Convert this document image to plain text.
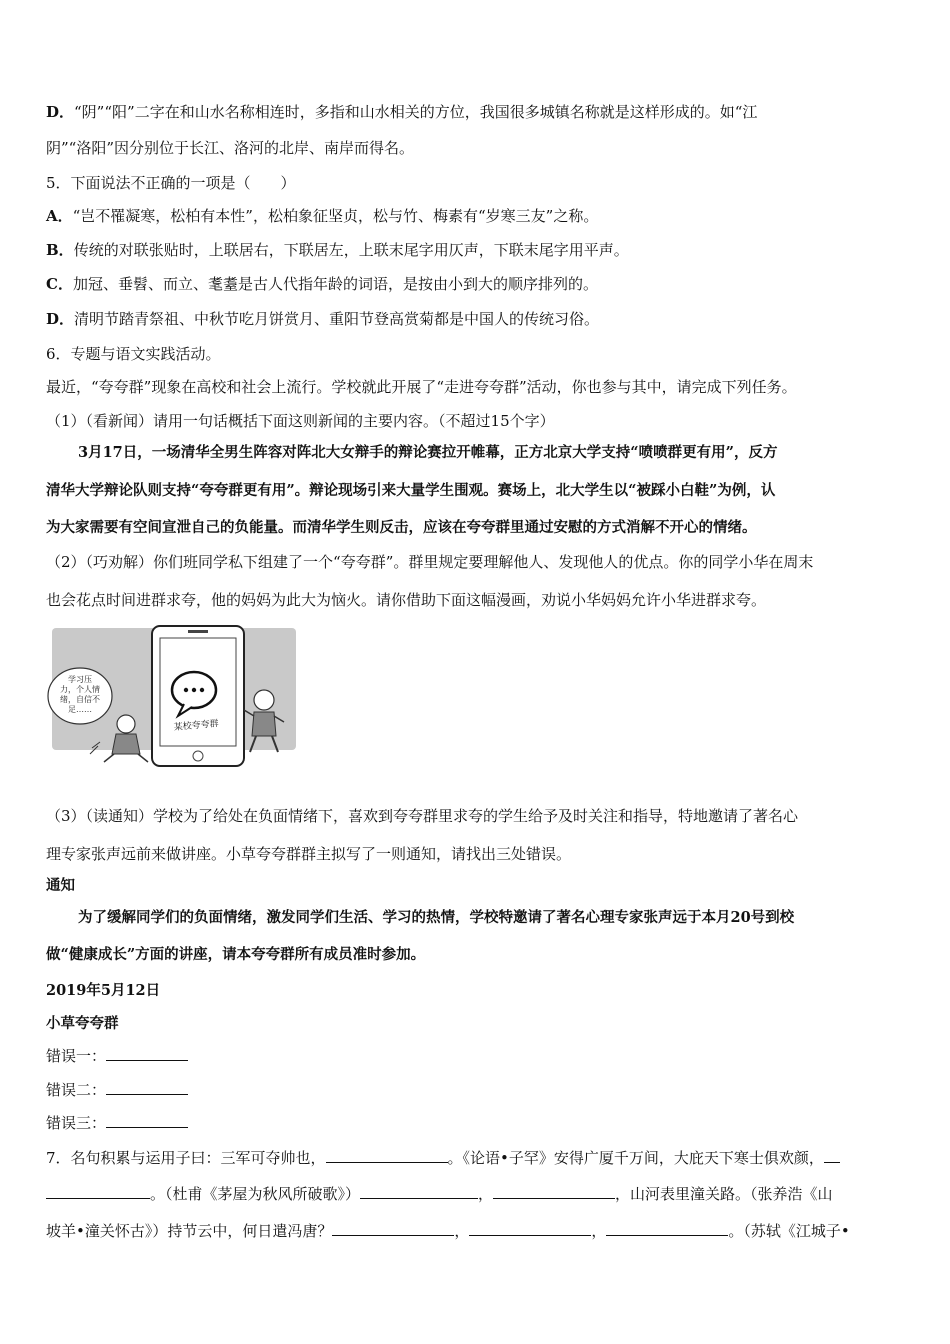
D．“阴”“阳”二字在和山水名称相连时，多指和山水相关的方位，我国很多城镇名称就是这样形成的。如“江
阴”“洛阳”因分别位于长江、洛河的北岸、南岸而得名。
5．下面说法不正确的一项是（　　）
A．“岂不罹凝寒，松柏有本性”，松柏象征坚贞，松与竹、梅素有“岁寒三友”之称。
B．传统的对联张贴时，上联居右，下联居左，上联末尾字用仄声，下联末尾字用平声。
C．加冠、垂髫、而立、耄耋是古人代指年龄的词语，是按由小到大的顺序排列的。
D．清明节踏青祭祖、中秋节吃月饼赏月、重阳节登高赏菊都是中国人的传统习俗。
6．专题与语文实践活动。
最近，“夸夸群”现象在高校和社会上流行。学校就此开展了“走进夸夸群”活动，你也参与其中，请完成下列任务。
（1）（看新闻）请用一句话概括下面这则新闻的主要内容。（不超过15个字）
3月17日，一场清华全男生阵容对阵北大女辩手的辩论赛拉开帷幕，正方北京大学支持“喷喷群更有用”，反方
清华大学辩论队则支持“夸夸群更有用”。辩论现场引来大量学生围观。赛场上，北大学生以“被踩小白鞋”为例，认
为大家需要有空间宣泄自己的负能量。而清华学生则反击，应该在夸夸群里通过安慰的方式消解不开心的情绪。
（2）（巧劝解）你们班同学私下组建了一个“夸夸群”。群里规定要理解他人、发现他人的优点。你的同学小华在周末
也会花点时间进群求夸，他的妈妈为此大为恼火。请你借助下面这幅漫画，劝说小华妈妈允许小华进群求夸。
学习压
力，个人情
绪，自信不
足……
某校夸夸群
（3）（读通知）学校为了给处在负面情绪下，喜欢到夸夸群里求夸的学生给予及时关注和指导，特地邀请了著名心
理专家张声远前来做讲座。小草夸夸群群主拟写了一则通知，请找出三处错误。
通知
为了缓解同学们的负面情绪，激发同学们生活、学习的热情，学校特邀请了著名心理专家张声远于本月20号到校
做“健康成长”方面的讲座，请本夸夸群所有成员准时参加。
2019年5月12日
小草夸夸群
错误一：
错误二：
错误三：
7．名句积累与运用子曰：三军可夺帅也，	。《论语•子罕》安得广厦千万间，大庇天下寒士俱欢颜，
。（杜甫《茅屋为秋风所破歌》）	，	，山河表里潼关路。（张养浩《山
坡羊•潼关怀古》）持节云中，何日遣冯唐？	，	，	。（苏轼《江城子•
